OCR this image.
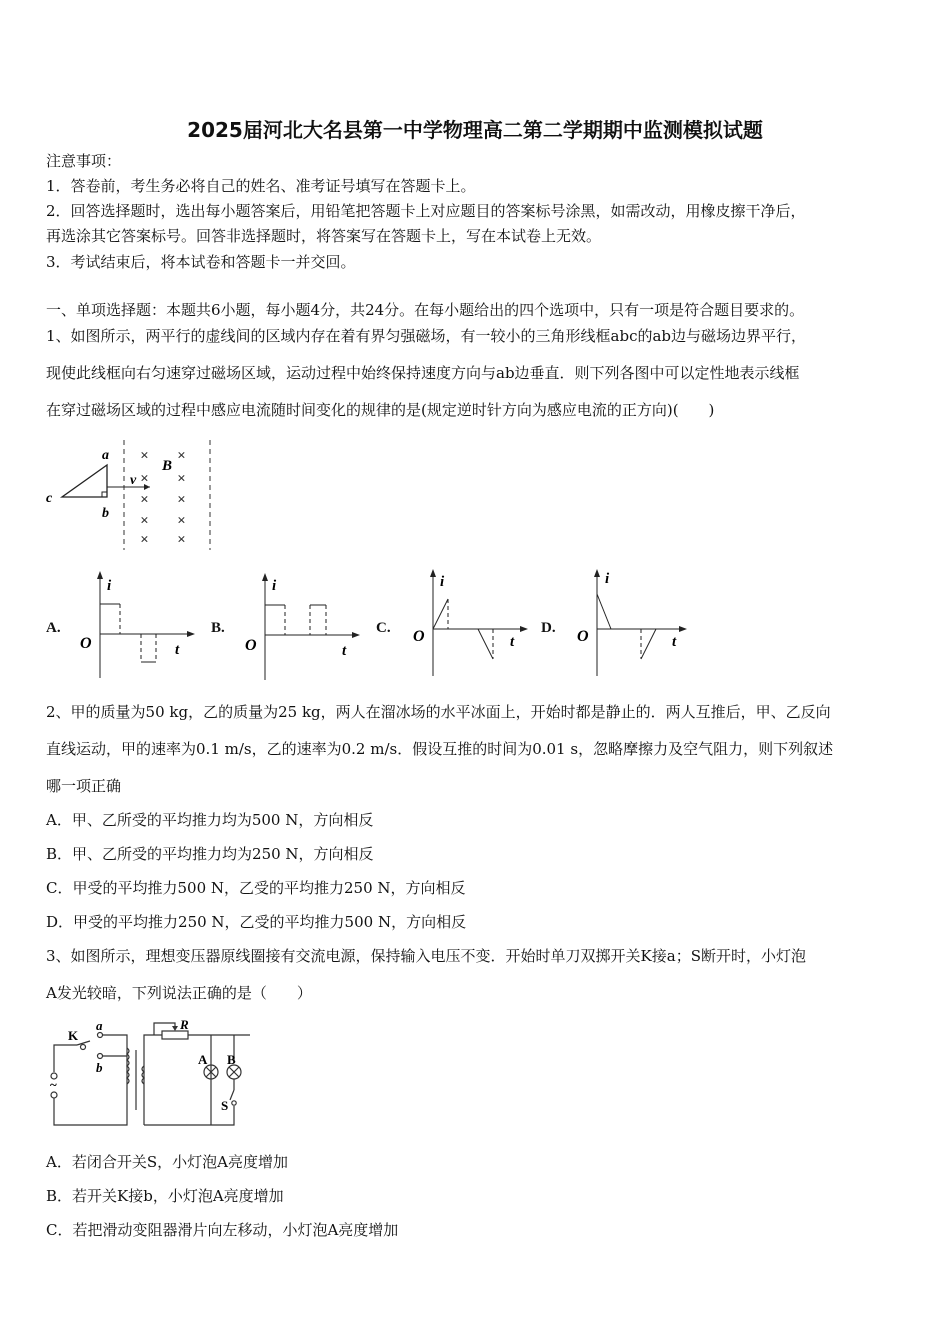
2025届河北大名县第一中学物理高二第二学期期中监测模拟试题
注意事项：
1．答卷前，考生务必将自己的姓名、准考证号填写在答题卡上。
2．回答选择题时，选出每小题答案后，用铅笔把答题卡上对应题目的答案标号涂黑，如需改动，用橡皮擦干净后，
再选涂其它答案标号。回答非选择题时，将答案写在答题卡上，写在本试卷上无效。
3．考试结束后，将本试卷和答题卡一并交回。
一、单项选择题：本题共6小题，每小题4分，共24分。在每小题给出的四个选项中，只有一项是符合题目要求的。
1、如图所示，两平行的虚线间的区域内存在着有界匀强磁场，有一较小的三角形线框abc的ab边与磁场边界平行，
现使此线框向右匀速穿过磁场区域，运动过程中始终保持速度方向与ab边垂直．则下列各图中可以定性地表示线框
在穿过磁场区域的过程中感应电流随时间变化的规律的是(规定逆时针方向为感应电流的正方向)(　　)
× ×
× ×
× ×
× ×
× ×
a
b
c
v
B
A.	B.	C.	D.
i
O	t
i
O	t
i
O	t
i
O	t
2、甲的质量为50 kg，乙的质量为25 kg，两人在溜冰场的水平冰面上，开始时都是静止的．两人互推后，甲、乙反向
直线运动，甲的速率为0.1 m/s，乙的速率为0.2 m/s．假设互推的时间为0.01 s，忽略摩擦力及空气阻力，则下列叙述
哪一项正确
A．甲、乙所受的平均推力均为500 N，方向相反
B．甲、乙所受的平均推力均为250 N，方向相反
C．甲受的平均推力500 N，乙受的平均推力250 N，方向相反
D．甲受的平均推力250 N，乙受的平均推力500 N，方向相反
3、如图所示，理想变压器原线圈接有交流电源，保持输入电压不变．开始时单刀双掷开关K接a；S断开时，小灯泡
A发光较暗，下列说法正确的是（　　）
K
a
b
R
A B
S
~
A．若闭合开关S，小灯泡A亮度增加
B．若开关K接b，小灯泡A亮度增加
C．若把滑动变阻器滑片向左移动，小灯泡A亮度增加
